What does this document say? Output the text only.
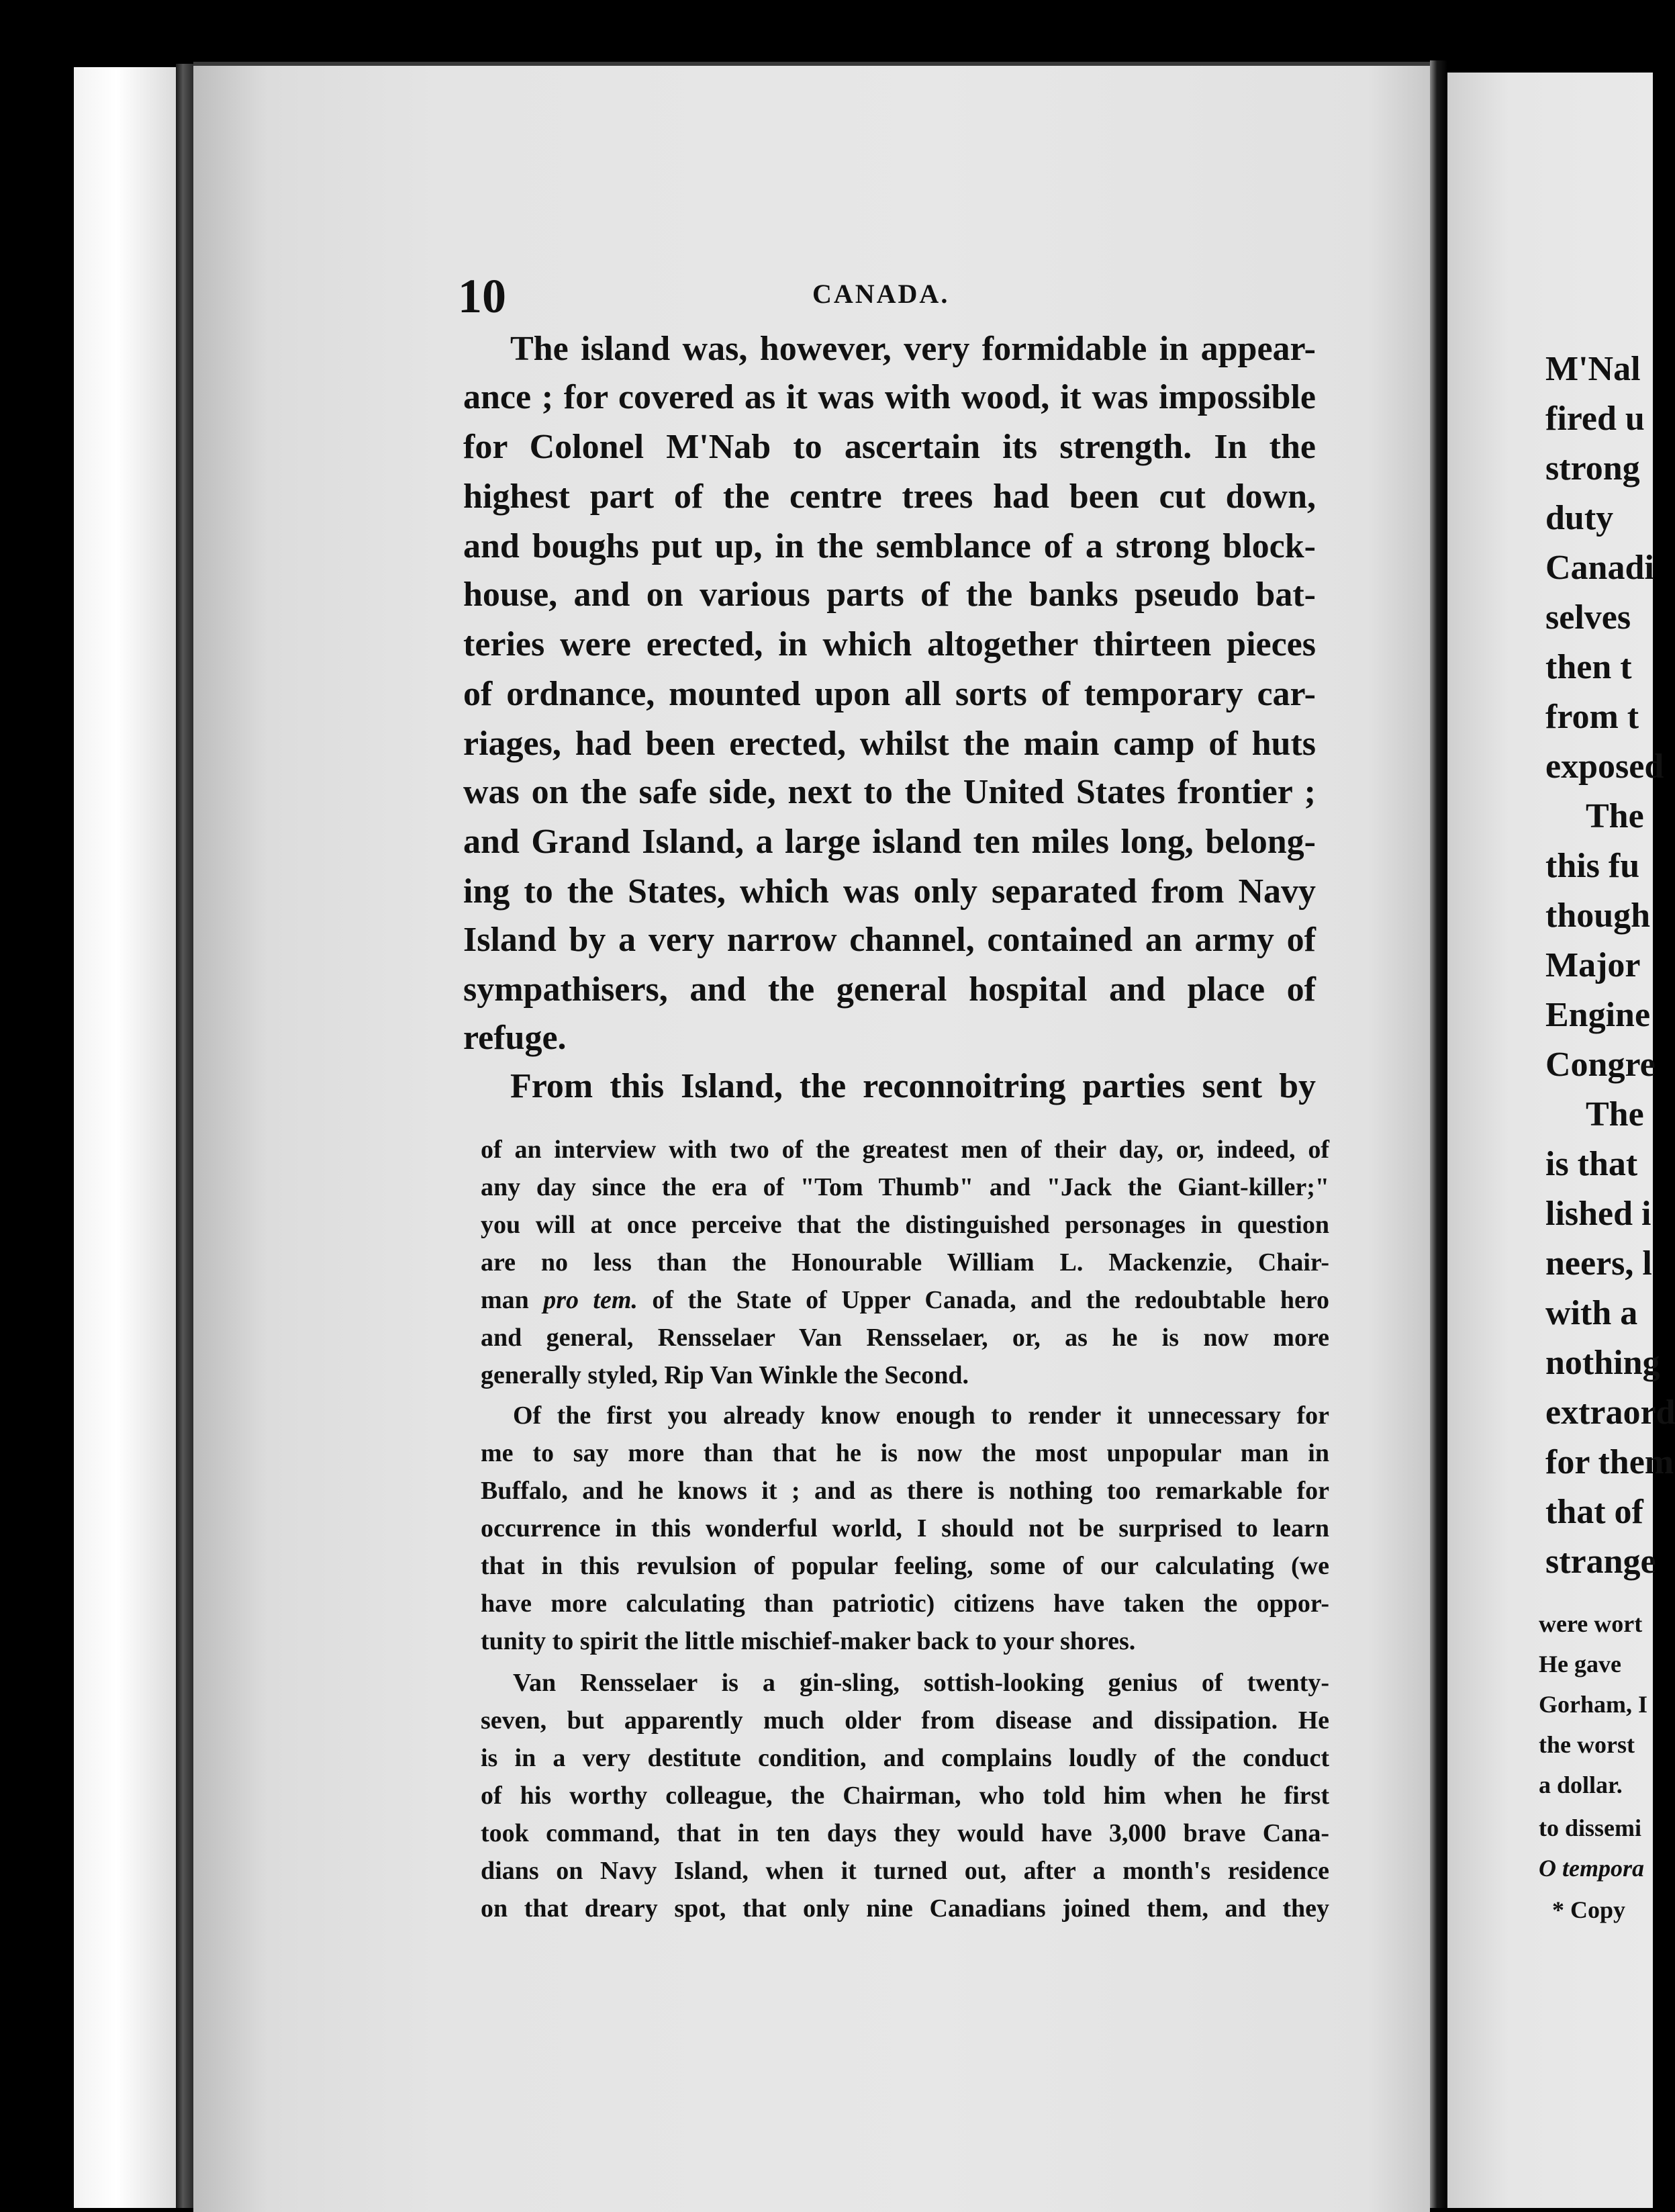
10	CANADA.

The island was, however, very formidable in appear-

ance ; for covered as it was with wood, it was impossible

for Colonel M'Nab to ascertain its strength. In the

highest part of the centre trees had been cut down,

and boughs put up, in the semblance of a strong block-

house, and on various parts of the banks pseudo bat-

teries were erected, in which altogether thirteen pieces

of ordnance, mounted upon all sorts of temporary car-

riages, had been erected, whilst the main camp of huts

was on the safe side, next to the United States frontier ;

and Grand Island, a large island ten miles long, belong-

ing to the States, which was only separated from Navy

Island by a very narrow channel, contained an army of

sympathisers, and the general hospital and place of

refuge.

From this Island, the reconnoitring parties sent by

of an interview with two of the greatest men of their day, or, indeed, of

any day since the era of "Tom Thumb" and "Jack the Giant-killer;"

you will at once perceive that the distinguished personages in question

are no less than the Honourable William L. Mackenzie, Chair-

man pro tem. of the State of Upper Canada, and the redoubtable hero

and general, Rensselaer Van Rensselaer, or, as he is now more

generally styled, Rip Van Winkle the Second.

Of the first you already know enough to render it unnecessary for

me to say more than that he is now the most unpopular man in

Buffalo, and he knows it ; and as there is nothing too remarkable for

occurrence in this wonderful world, I should not be surprised to learn

that in this revulsion of popular feeling, some of our calculating (we

have more calculating than patriotic) citizens have taken the oppor-

tunity to spirit the little mischief-maker back to your shores.

Van Rensselaer is a gin-sling, sottish-looking genius of twenty-

seven, but apparently much older from disease and dissipation. He

is in a very destitute condition, and complains loudly of the conduct

of his worthy colleague, the Chairman, who told him when he first

took command, that in ten days they would have 3,000 brave Cana-

dians on Navy Island, when it turned out, after a month's residence

on that dreary spot, that only nine Canadians joined them, and they

M'Nal

fired u

strong

duty

Canadi

selves

then t

from t

exposed

The

this fu

though

Major

Engine

Congre

The

is that

lished i

neers, l

with a

nothing

extraord

for them

that of

strange

were wort

He gave

Gorham, I

the worst

a dollar.

to dissemi

O tempora

* Copy
